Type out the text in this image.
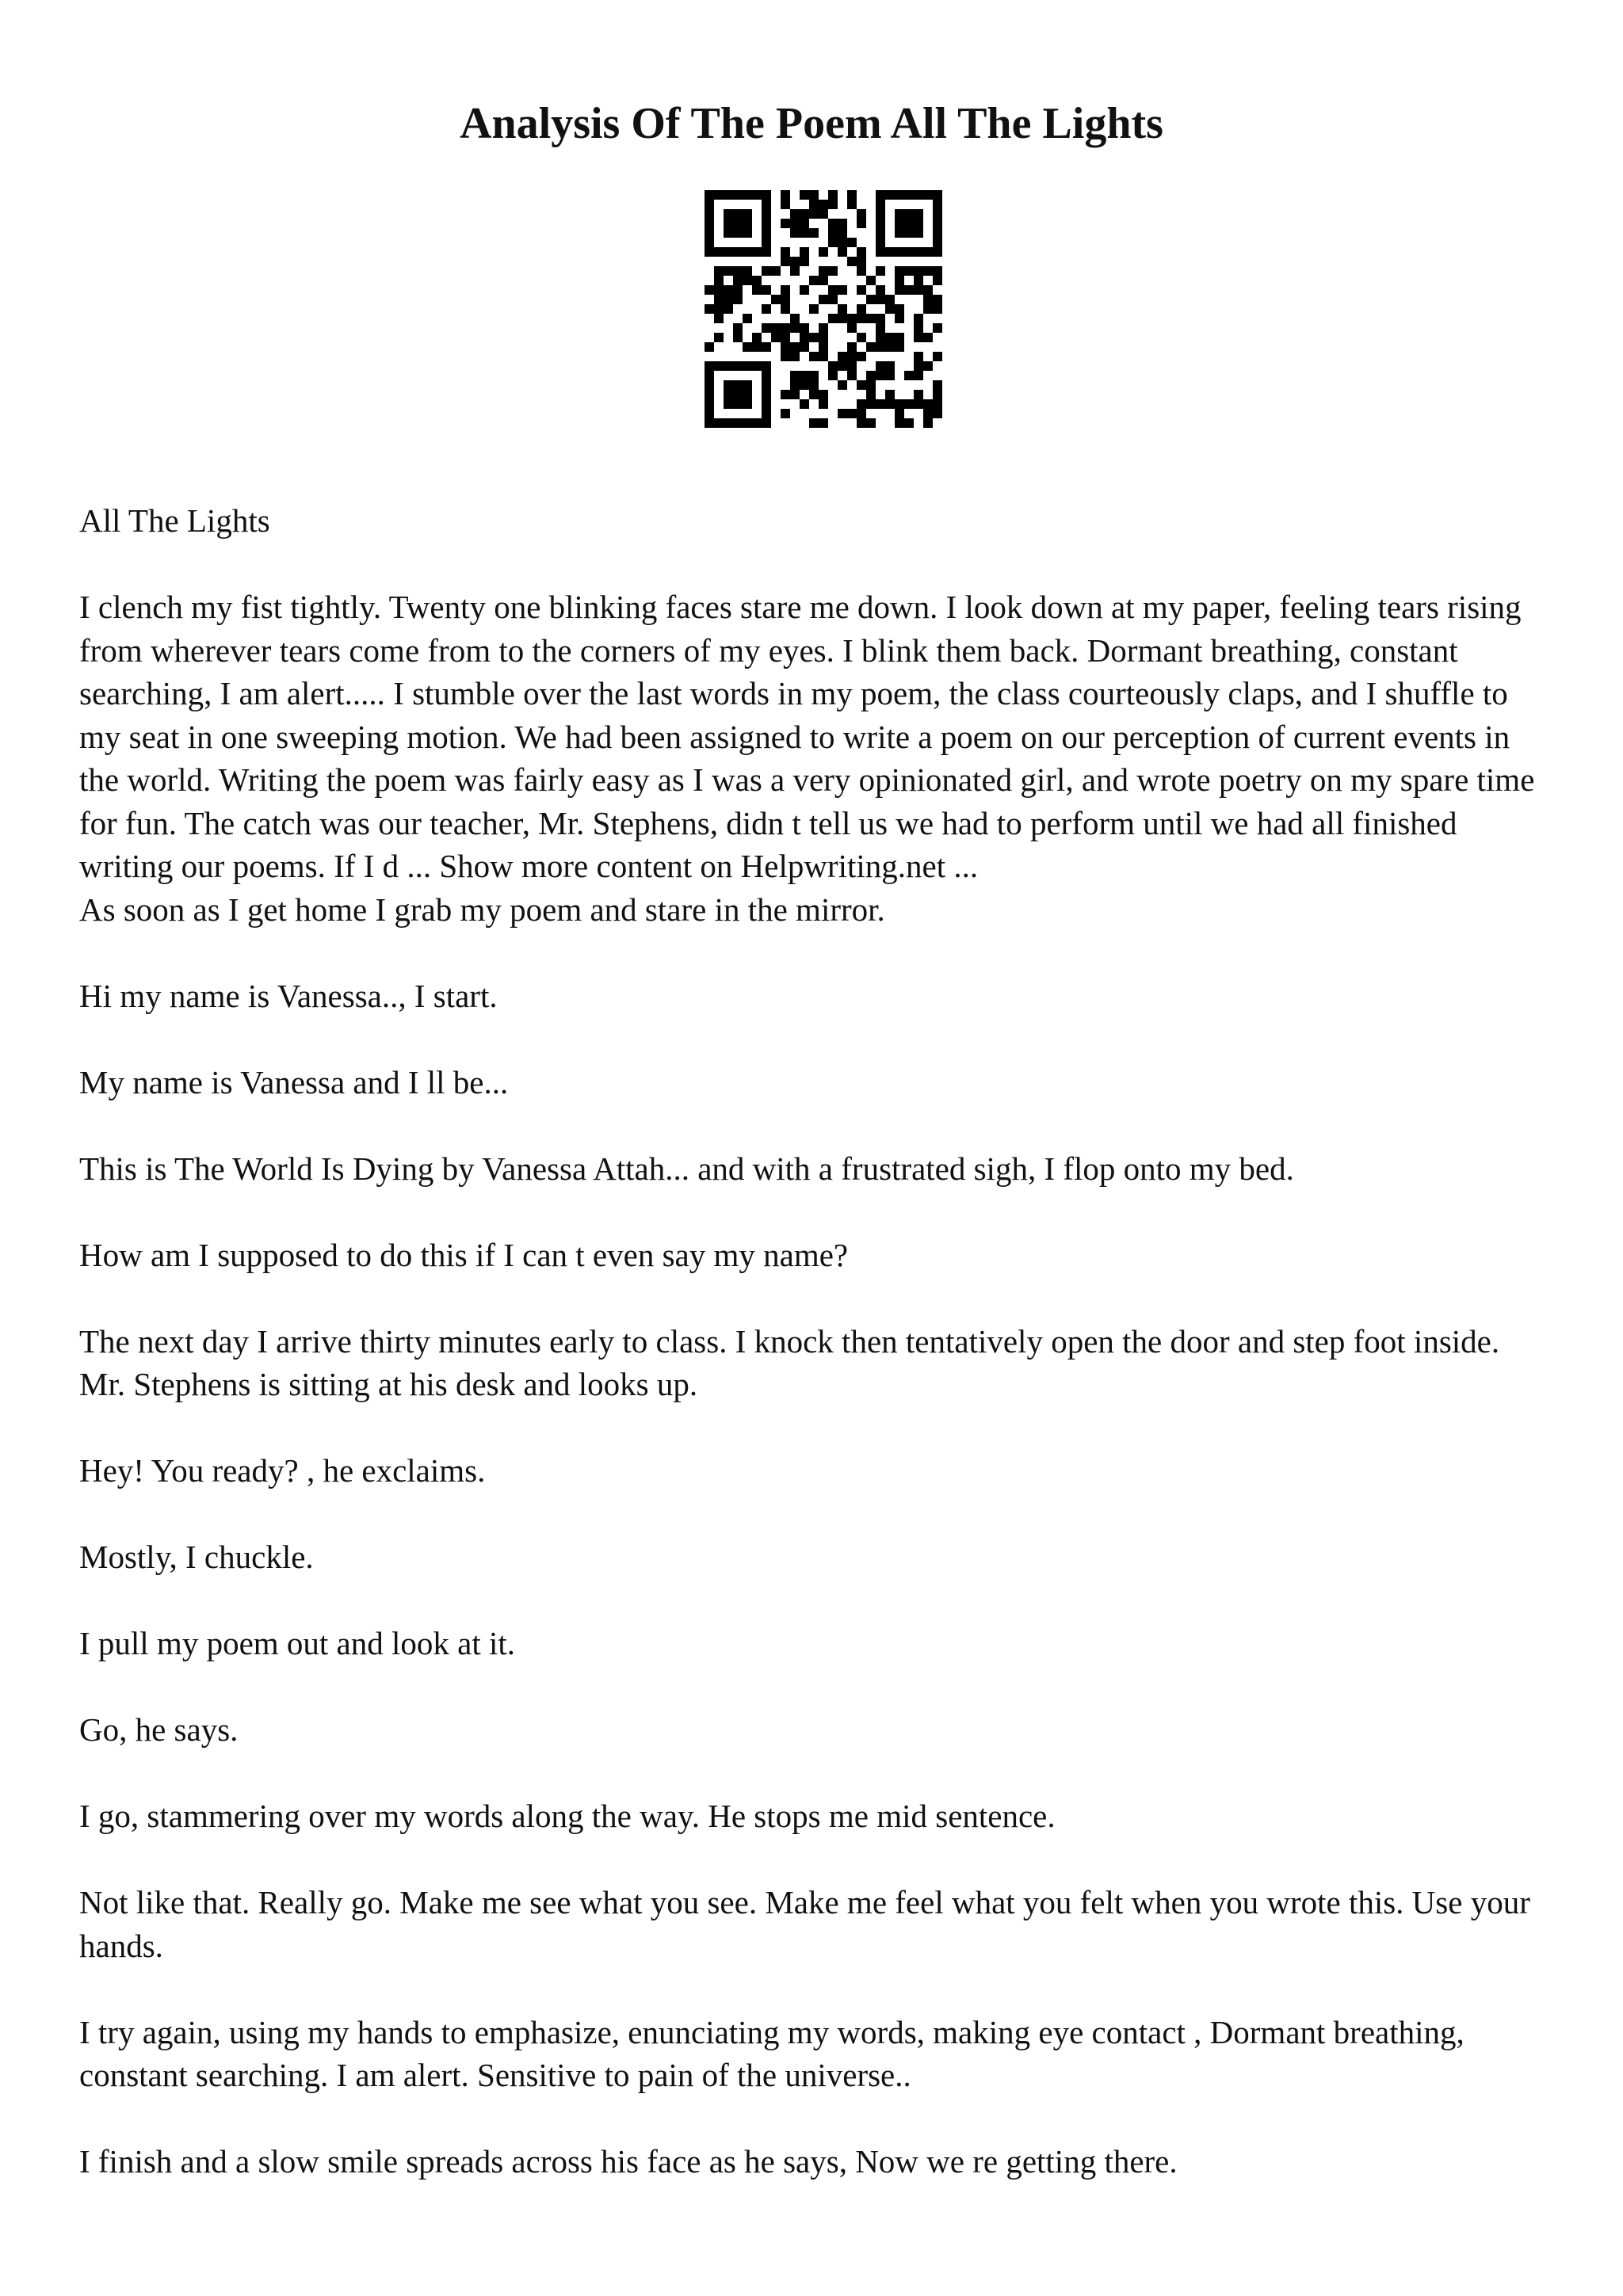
Analysis Of The Poem All The Lights

All The Lights

I clench my fist tightly. Twenty one blinking faces stare me down. I look down at my paper, feeling tears rising from wherever tears come from to the corners of my eyes. I blink them back. Dormant breathing, constant searching, I am alert..... I stumble over the last words in my poem, the class courteously claps, and I shuffle to my seat in one sweeping motion. We had been assigned to write a poem on our perception of current events in the world. Writing the poem was fairly easy as I was a very opinionated girl, and wrote poetry on my spare time for fun. The catch was our teacher, Mr. Stephens, didn t tell us we had to perform until we had all finished writing our poems. If I d ... Show more content on Helpwriting.net ...

As soon as I get home I grab my poem and stare in the mirror.

Hi my name is Vanessa.., I start.

My name is Vanessa and I ll be...

This is The World Is Dying by Vanessa Attah... and with a frustrated sigh, I flop onto my bed.

How am I supposed to do this if I can t even say my name?

The next day I arrive thirty minutes early to class. I knock then tentatively open the door and step foot inside. Mr. Stephens is sitting at his desk and looks up.

Hey! You ready? , he exclaims.

Mostly, I chuckle.

I pull my poem out and look at it.

Go, he says.

I go, stammering over my words along the way. He stops me mid sentence.

Not like that. Really go. Make me see what you see. Make me feel what you felt when you wrote this. Use your hands.

I try again, using my hands to emphasize, enunciating my words, making eye contact , Dormant breathing, constant searching. I am alert. Sensitive to pain of the universe..

I finish and a slow smile spreads across his face as he says, Now we re getting there.
